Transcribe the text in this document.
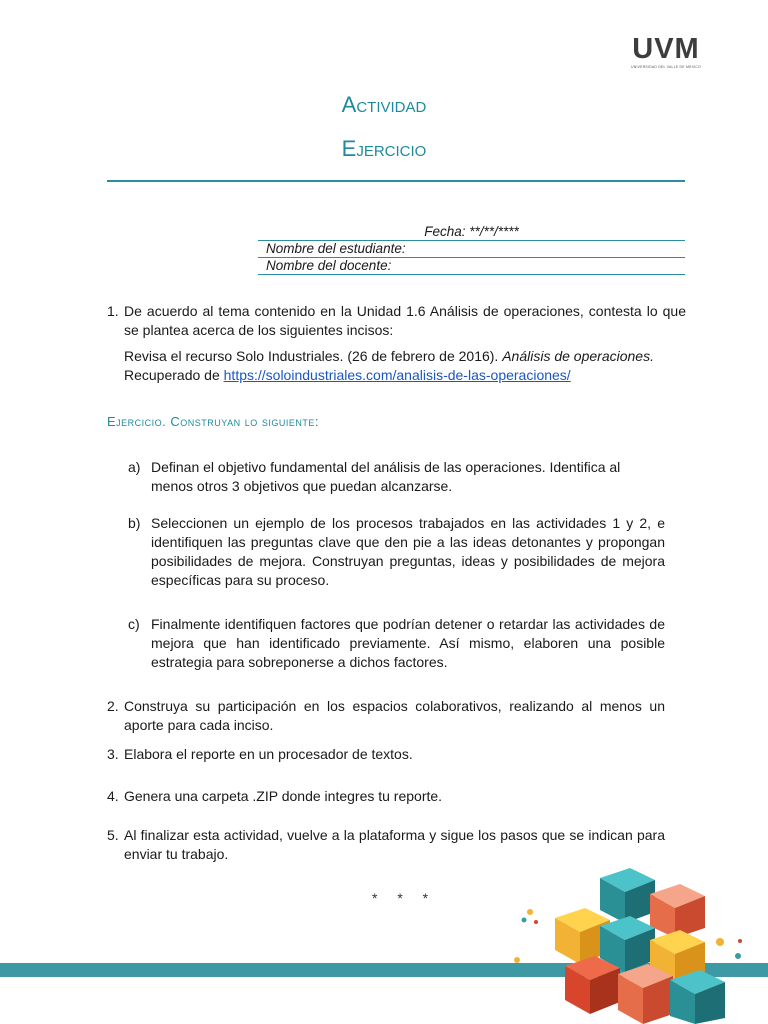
UVM
UNIVERSIDAD DEL VALLE DE MÉXICO
Actividad
Ejercicio
Fecha: **/**/****
Nombre del estudiante:
Nombre del docente:
1. De acuerdo al tema contenido en la Unidad 1.6 Análisis de operaciones, contesta lo que se plantea acerca de los siguientes incisos:
Revisa el recurso Solo Industriales. (26 de febrero de 2016). Análisis de operaciones.
Recuperado de https://soloindustriales.com/analisis-de-las-operaciones/
Ejercicio. Construyan lo siguiente:
a) Definan el objetivo fundamental del análisis de las operaciones. Identifica al menos otros 3 objetivos que puedan alcanzarse.
b) Seleccionen un ejemplo de los procesos trabajados en las actividades 1 y 2, e identifiquen las preguntas clave que den pie a las ideas detonantes y propongan posibilidades de mejora. Construyan preguntas, ideas y posibilidades de mejora específicas para su proceso.
c) Finalmente identifiquen factores que podrían detener o retardar las actividades de mejora que han identificado previamente. Así mismo, elaboren una posible estrategia para sobreponerse a dichos factores.
2. Construya su participación en los espacios colaborativos, realizando al menos un aporte para cada inciso.
3. Elabora el reporte en un procesador de textos.
4. Genera una carpeta .ZIP donde integres tu reporte.
5. Al finalizar esta actividad, vuelve a la plataforma y sigue los pasos que se indican para enviar tu trabajo.
* * *
